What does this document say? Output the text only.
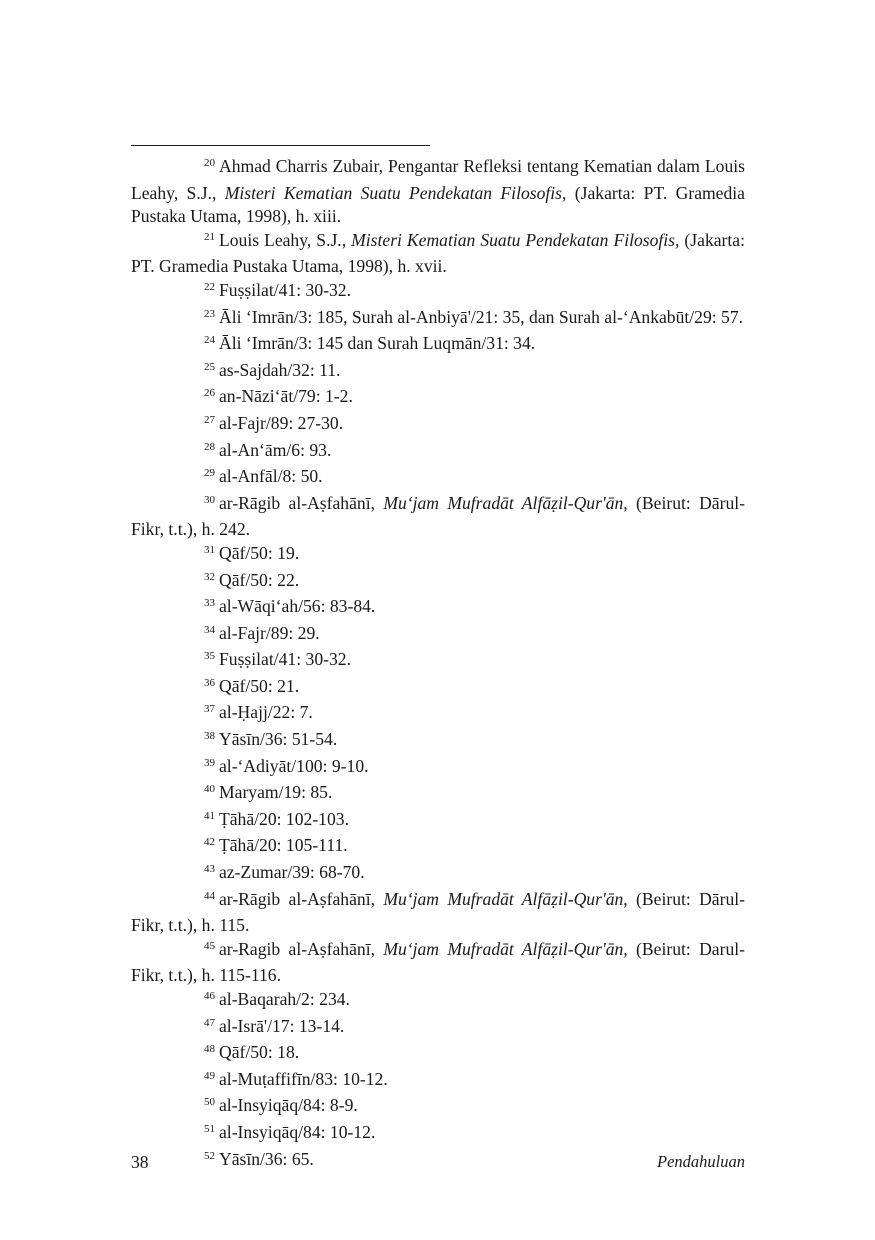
$^{20}$ Ahmad Charris Zubair, Pengantar Refleksi tentang Kematian dalam Louis Leahy, S.J., Misteri Kematian Suatu Pendekatan Filosofis, (Jakarta: PT. Gramedia Pustaka Utama, 1998), h. xiii.

$^{21}$ Louis Leahy, S.J., Misteri Kematian Suatu Pendekatan Filosofis, (Jakarta: PT. Gramedia Pustaka Utama, 1998), h. xvii.

$^{22}$ Fuṣṣilat/41: 30-32.

$^{23}$ Āli ‘Imrān/3: 185, Surah al-Anbiyā'/21: 35, dan Surah al-‘Ankabūt/29: 57.

$^{24}$ Āli ‘Imrān/3: 145 dan Surah Luqmān/31: 34.

$^{25}$ as-Sajdah/32: 11.

$^{26}$ an-Nāzi‘āt/79: 1-2.

$^{27}$ al-Fajr/89: 27-30.

$^{28}$ al-An‘ām/6: 93.

$^{29}$ al-Anfāl/8: 50.

$^{30}$ ar-Rāgib al-Aṣfahānī, Mu‘jam Mufradāt Alfāẓil-Qur'ān, (Beirut: Dārul-Fikr, t.t.), h. 242.

$^{31}$ Qāf/50: 19.

$^{32}$ Qāf/50: 22.

$^{33}$ al-Wāqi‘ah/56: 83-84.

$^{34}$ al-Fajr/89: 29.

$^{35}$ Fuṣṣilat/41: 30-32.

$^{36}$ Qāf/50: 21.

$^{37}$ al-Ḥajj/22: 7.

$^{38}$ Yāsīn/36: 51-54.

$^{39}$ al-‘Adiyāt/100: 9-10.

$^{40}$ Maryam/19: 85.

$^{41}$ Ṭāhā/20: 102-103.

$^{42}$ Ṭāhā/20: 105-111.

$^{43}$ az-Zumar/39: 68-70.

$^{44}$ ar-Rāgib al-Aṣfahānī, Mu‘jam Mufradāt Alfāẓil-Qur'ān, (Beirut: Dārul-Fikr, t.t.), h. 115.

$^{45}$ ar-Ragib al-Aṣfahānī, Mu‘jam Mufradāt Alfāẓil-Qur'ān, (Beirut: Darul-Fikr, t.t.), h. 115-116.

$^{46}$ al-Baqarah/2: 234.

$^{47}$ al-Isrā'/17: 13-14.

$^{48}$ Qāf/50: 18.

$^{49}$ al-Muṭaffifīn/83: 10-12.

$^{50}$ al-Insyiqāq/84: 8-9.

$^{51}$ al-Insyiqāq/84: 10-12.

$^{52}$ Yāsīn/36: 65.

38	Pendahuluan
